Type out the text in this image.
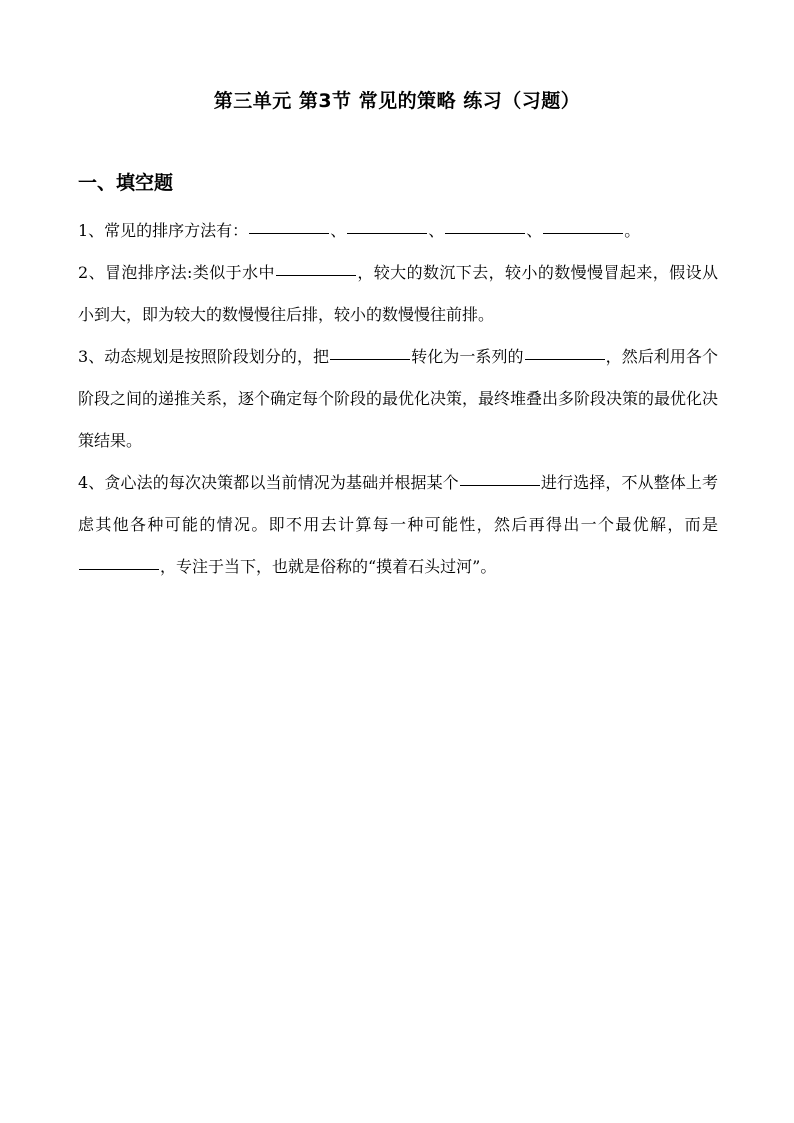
第三单元 第3节 常见的策略 练习（习题）
一、填空题
1、常见的排序方法有：	、	、	、	。
2、冒泡排序法:类似于水中	，较大的数沉下去，较小的数慢慢冒起来，假设从小到大，即为较大的数慢慢往后排，较小的数慢慢往前排。
3、动态规划是按照阶段划分的，把	转化为一系列的	，然后利用各个阶段之间的递推关系，逐个确定每个阶段的最优化决策，最终堆叠出多阶段决策的最优化决策结果。
4、贪心法的每次决策都以当前情况为基础并根据某个	进行选择，不从整体上考虑其他各种可能的情况。即不用去计算每一种可能性，然后再得出一个最优解，而是，专注于当下，也就是俗称的“摸着石头过河”。
